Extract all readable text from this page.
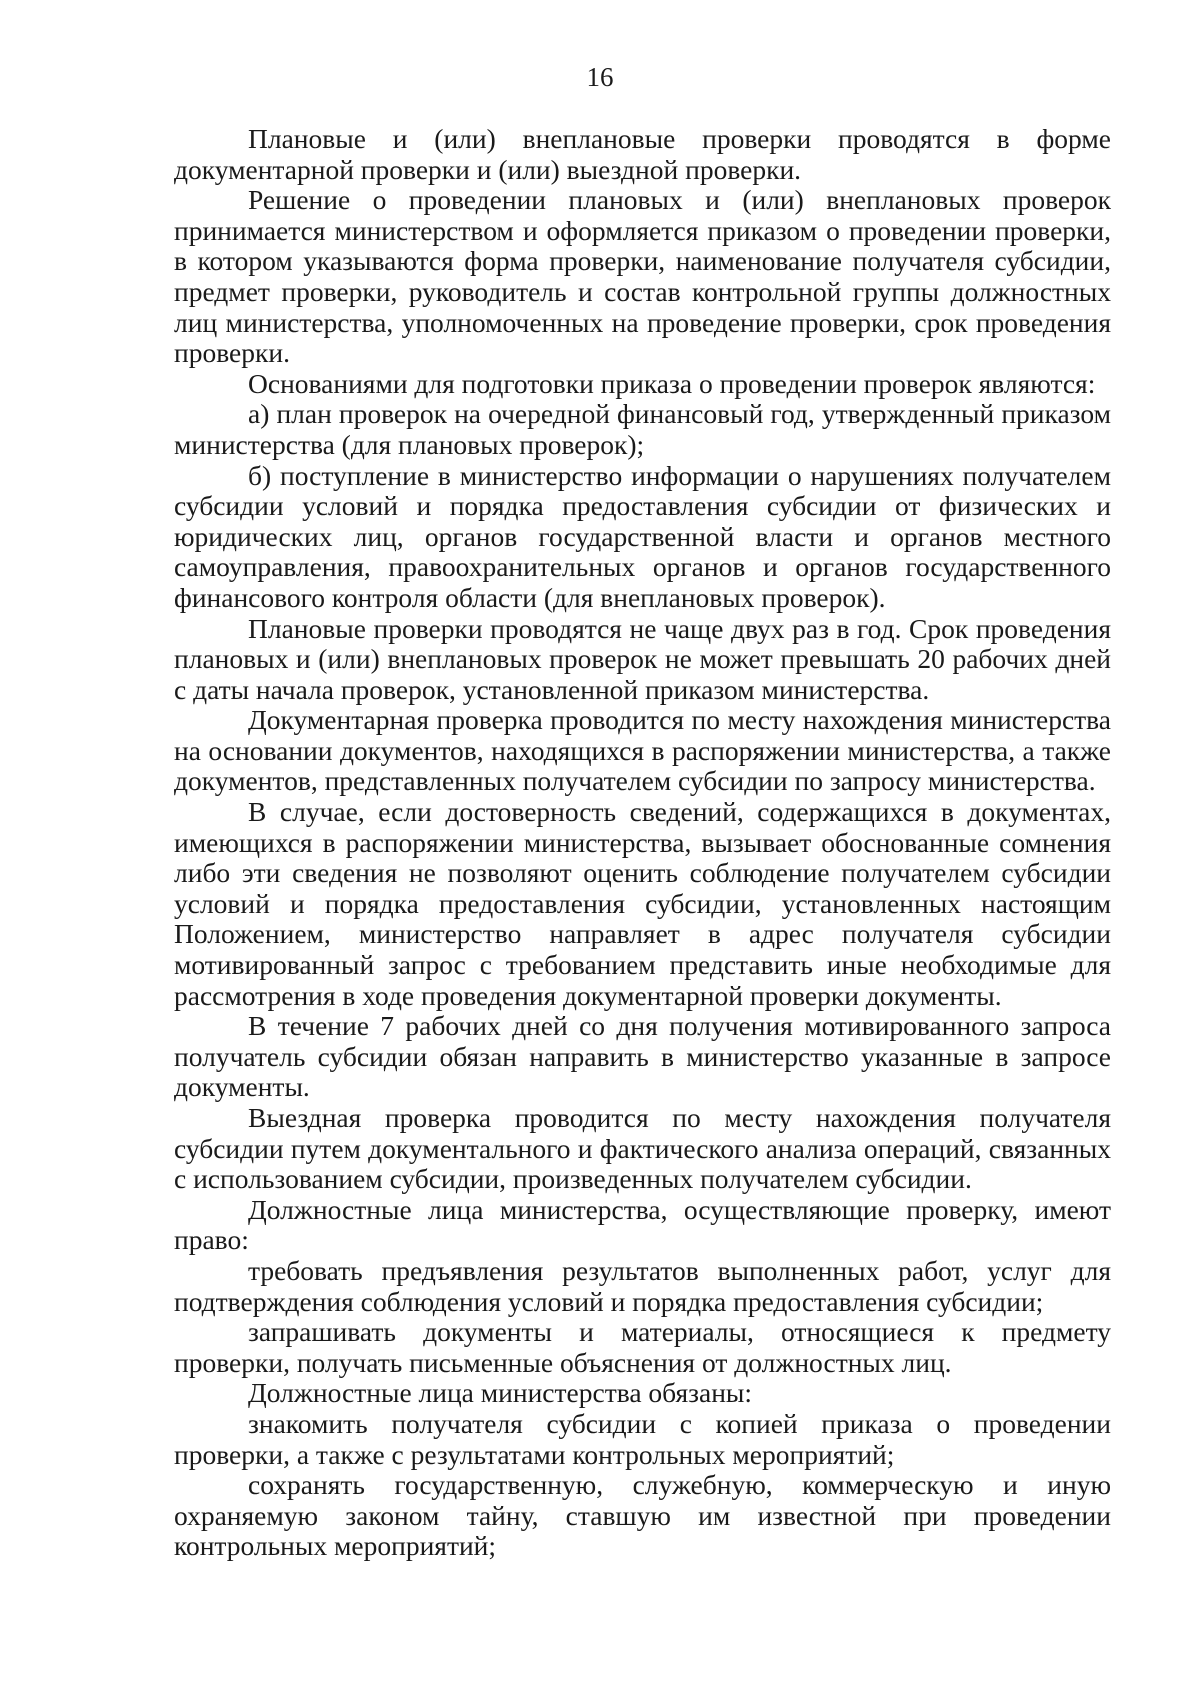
16

Плановые и (или) внеплановые проверки проводятся в форме документарной проверки и (или) выездной проверки.

Решение о проведении плановых и (или) внеплановых проверок принимается министерством и оформляется приказом о проведении проверки, в котором указываются форма проверки, наименование получателя субсидии, предмет проверки, руководитель и состав контрольной группы должностных лиц министерства, уполномоченных на проведение проверки, срок проведения проверки.

Основаниями для подготовки приказа о проведении проверок являются:

а) план проверок на очередной финансовый год, утвержденный приказом министерства (для плановых проверок);

б) поступление в министерство информации о нарушениях получателем субсидии условий и порядка предоставления субсидии от физических и юридических лиц, органов государственной власти и органов местного самоуправления, правоохранительных органов и органов государственного финансового контроля области (для внеплановых проверок).

Плановые проверки проводятся не чаще двух раз в год. Срок проведения плановых и (или) внеплановых проверок не может превышать 20 рабочих дней с даты начала проверок, установленной приказом министерства.

Документарная проверка проводится по месту нахождения министерства на основании документов, находящихся в распоряжении министерства, а также документов, представленных получателем субсидии по запросу министерства.

В случае, если достоверность сведений, содержащихся в документах, имеющихся в распоряжении министерства, вызывает обоснованные сомнения либо эти сведения не позволяют оценить соблюдение получателем субсидии условий и порядка предоставления субсидии, установленных настоящим Положением, министерство направляет в адрес получателя субсидии мотивированный запрос с требованием представить иные необходимые для рассмотрения в ходе проведения документарной проверки документы.

В течение 7 рабочих дней со дня получения мотивированного запроса получатель субсидии обязан направить в министерство указанные в запросе документы.

Выездная проверка проводится по месту нахождения получателя субсидии путем документального и фактического анализа операций, связанных с использованием субсидии, произведенных получателем субсидии.

Должностные лица министерства, осуществляющие проверку, имеют право:

требовать предъявления результатов выполненных работ, услуг для подтверждения соблюдения условий и порядка предоставления субсидии;

запрашивать документы и материалы, относящиеся к предмету проверки, получать письменные объяснения от должностных лиц.

Должностные лица министерства обязаны:

знакомить получателя субсидии с копией приказа о проведении проверки, а также с результатами контрольных мероприятий;

сохранять государственную, служебную, коммерческую и иную охраняемую законом тайну, ставшую им известной при проведении контрольных мероприятий;
